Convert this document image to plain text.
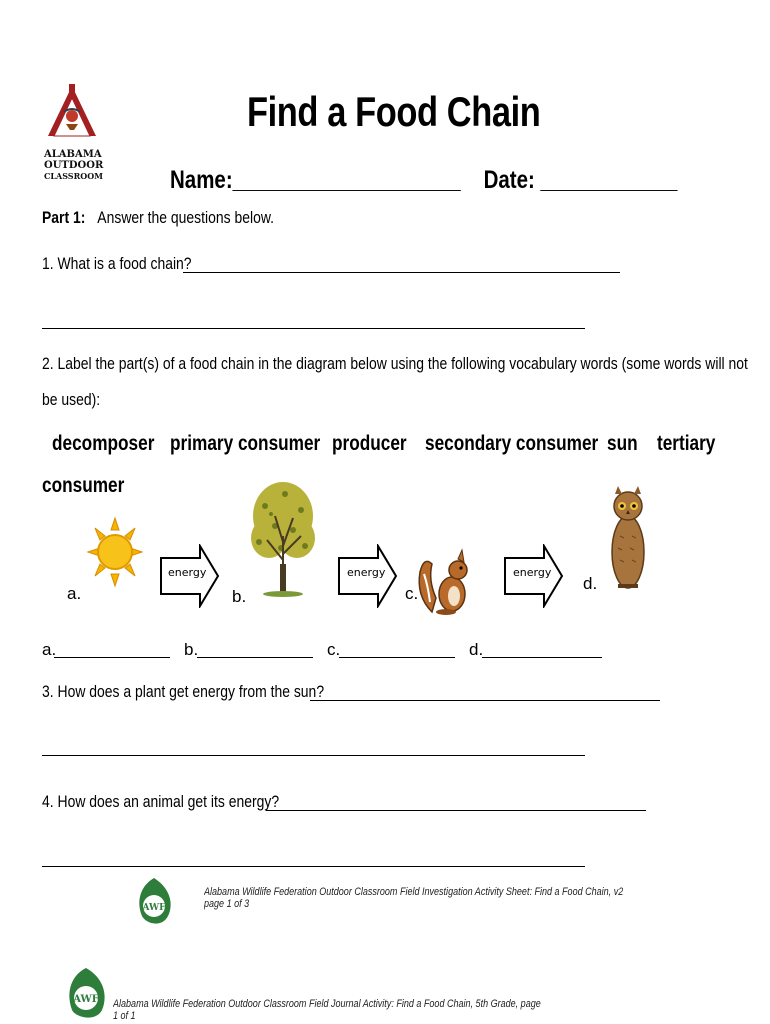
ALABAMA
OUTDOOR
CLASSROOM
Find a Food Chain
Name:____________________ Date: ____________
Part 1: Answer the questions below.
1. What is a food chain?
2. Label the part(s) of a food chain in the diagram below using the following vocabulary words (some words will not
be used):
decomposer primary consumer producer secondary consumer sun tertiary
consumer
a.
energy
b.
energy
c.
energy
d.
a.	b.	c.	d.
3. How does a plant get energy from the sun?
4. How does an animal get its energy?
AWF
Alabama Wildlife Federation Outdoor Classroom Field Investigation Activity Sheet: Find a Food Chain, v2
page 1 of 3
AWF Alabama Wildlife Federation Outdoor Classroom Field Journal Activity: Find a Food Chain, 5th Grade, page
1 of 1
